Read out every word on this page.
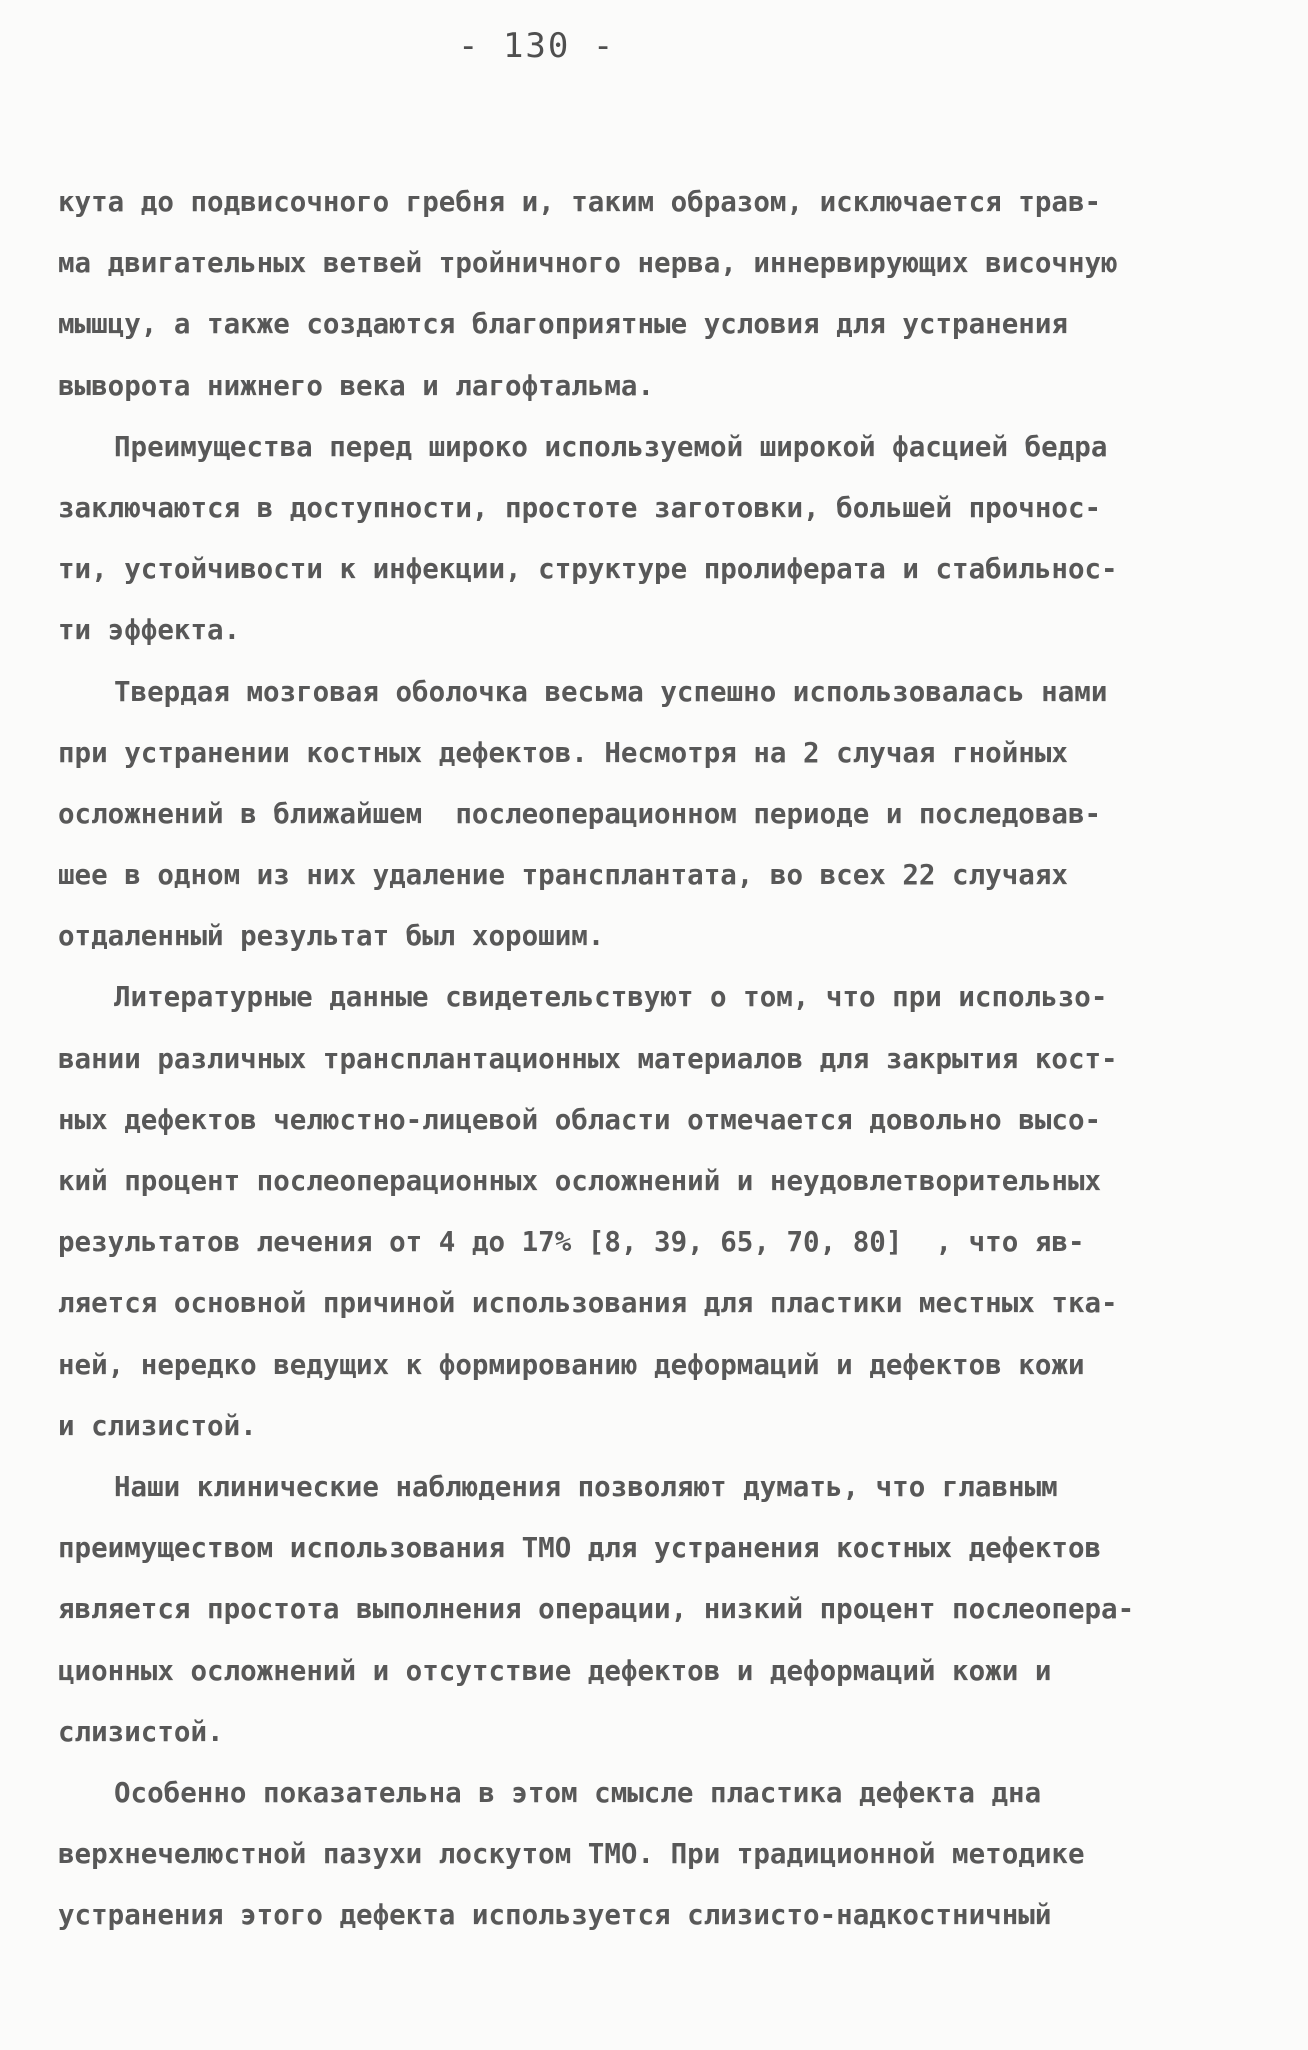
- 130 -
кута до подвисочного гребня и, таким образом, исключается трав-
ма двигательных ветвей тройничного нерва, иннервирующих височную
мышцу, а также создаются благоприятные условия для устранения
выворота нижнего века и лагофтальма.
Преимущества перед широко используемой широкой фасцией бедра
заключаются в доступности, простоте заготовки, большей прочнос-
ти, устойчивости к инфекции, структуре пролиферата и стабильнос-
ти эффекта.
Твердая мозговая оболочка весьма успешно использовалась нами
при устранении костных дефектов. Несмотря на 2 случая гнойных
осложнений в ближайшем  послеоперационном периоде и последовав-
шее в одном из них удаление трансплантата, во всех 22 случаях
отдаленный результат был хорошим.
Литературные данные свидетельствуют о том, что при использо-
вании различных трансплантационных материалов для закрытия кост-
ных дефектов челюстно-лицевой области отмечается довольно высо-
кий процент послеоперационных осложнений и неудовлетворительных
результатов лечения от 4 до 17% [8, 39, 65, 70, 80]  , что яв-
ляется основной причиной использования для пластики местных тка-
ней, нередко ведущих к формированию деформаций и дефектов кожи
и слизистой.
Наши клинические наблюдения позволяют думать, что главным
преимуществом использования ТМО для устранения костных дефектов
является простота выполнения операции, низкий процент послеопера-
ционных осложнений и отсутствие дефектов и деформаций кожи и
слизистой.
Особенно показательна в этом смысле пластика дефекта дна
верхнечелюстной пазухи лоскутом ТМО. При традиционной методике
устранения этого дефекта используется слизисто-надкостничный
